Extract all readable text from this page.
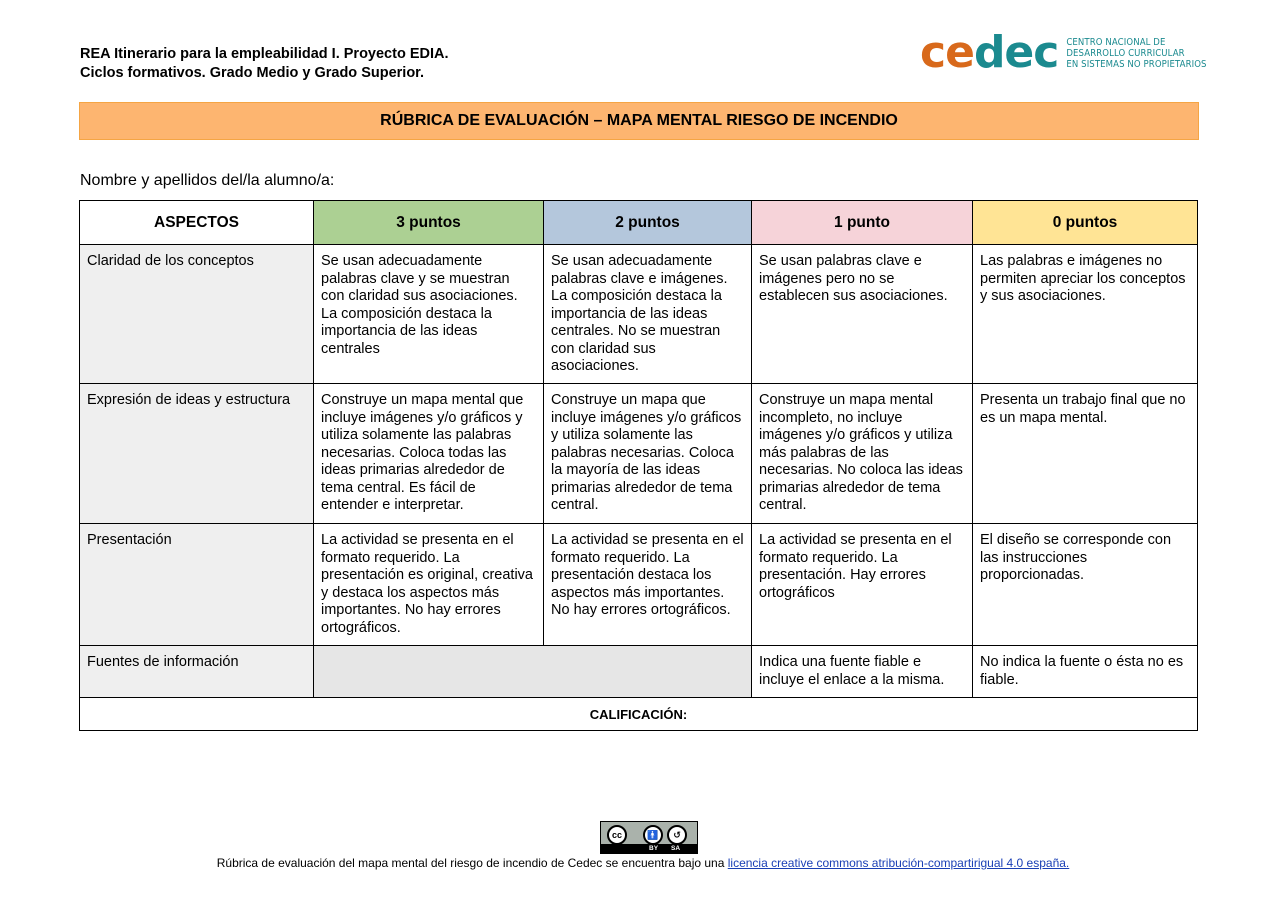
REA Itinerario para la empleabilidad I. Proyecto EDIA.
Ciclos formativos. Grado Medio y Grado Superior.	cedec CENTRO NACIONAL DE
DESARROLLO CURRICULAR
EN SISTEMAS NO PROPIETARIOS
RÚBRICA DE EVALUACIÓN – MAPA MENTAL RIESGO DE INCENDIO
Nombre y apellidos del/la alumno/a:
ASPECTOS	3 puntos	2 puntos	1 punto	0 puntos
Claridad de los conceptos	Se usan adecuadamente palabras clave y se muestran con claridad sus asociaciones. La composición destaca la importancia de las ideas centrales	Se usan adecuadamente palabras clave e imágenes. La composición destaca la importancia de las ideas centrales. No se muestran con claridad sus asociaciones.	Se usan palabras clave e imágenes pero no se establecen sus asociaciones.	Las palabras e imágenes no permiten apreciar los conceptos y sus asociaciones.
Expresión de ideas y estructura	Construye un mapa mental que incluye imágenes y/o gráficos y utiliza solamente las palabras necesarias. Coloca todas las ideas primarias alrededor de tema central. Es fácil de entender e interpretar.	Construye un mapa que incluye imágenes y/o gráficos y utiliza solamente las palabras necesarias. Coloca la mayoría de las ideas primarias alrededor de tema central.	Construye un mapa mental incompleto, no incluye imágenes y/o gráficos y utiliza más palabras de las necesarias. No coloca las ideas primarias alrededor de tema central.	Presenta un trabajo final que no es un mapa mental.
Presentación	La actividad se presenta en el formato requerido. La presentación es original, creativa y destaca los aspectos más importantes. No hay errores ortográficos.	La actividad se presenta en el formato requerido. La presentación destaca los aspectos más importantes. No hay errores ortográficos.	La actividad se presenta en el formato requerido. La presentación. Hay errores ortográficos	El diseño se corresponde con las instrucciones proporcionadas.
Fuentes de información			Indica una fuente fiable e incluye el enlace a la misma.	No indica la fuente o ésta no es fiable.
CALIFICACIÓN:				
cc	🚹	↺
BY SA
Rúbrica de evaluación del mapa mental del riesgo de incendio de Cedec se encuentra bajo una licencia creative commons atribución-compartirigual 4.0 españa.
